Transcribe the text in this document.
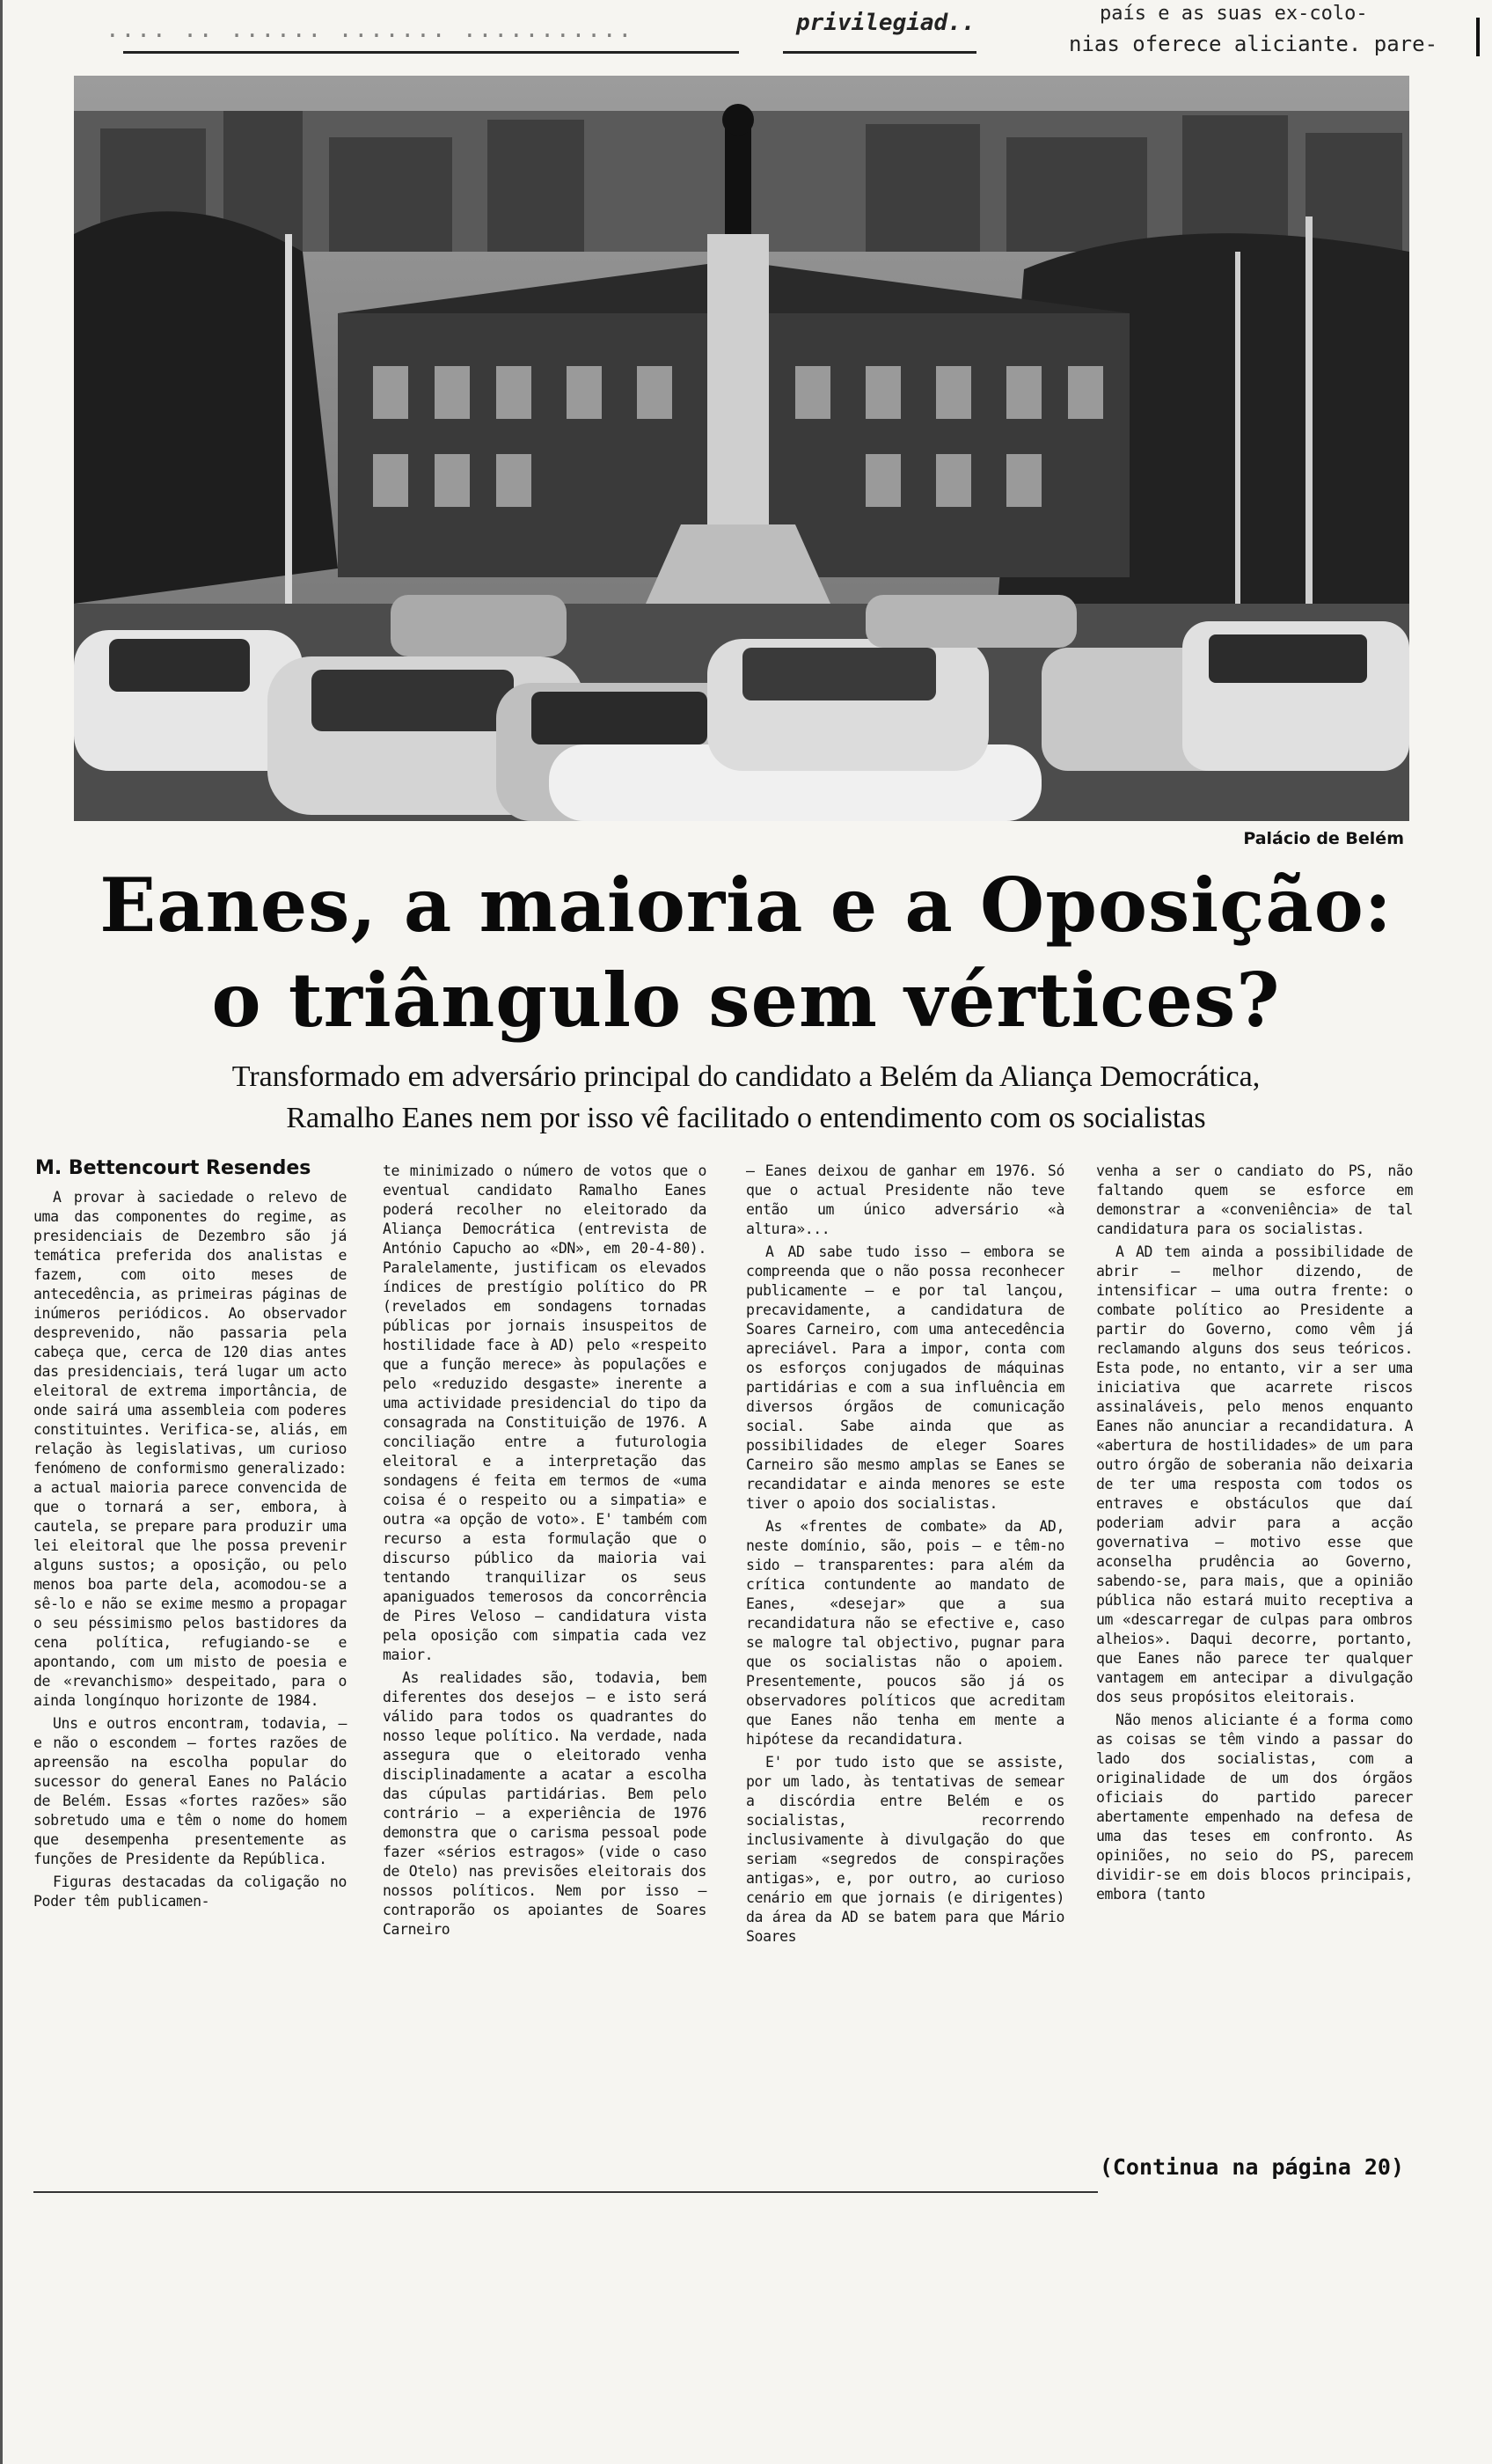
.... .. ...... ....... ...........	privilegiad..	país e as suas ex-colo-
nias oferece aliciante. pare-
Palácio de Belém
Eanes, a maioria e a Oposição:
o triângulo sem vértices?
Transformado em adversário principal do candidato a Belém da Aliança Democrática,
Ramalho Eanes nem por isso vê facilitado o entendimento com os socialistas
M. Bettencourt Resendes

A provar à saciedade o relevo de uma das componentes do regime, as presidenciais de Dezembro são já temática preferida dos analistas e fazem, com oito meses de antecedência, as primeiras páginas de inúmeros periódicos. Ao observador desprevenido, não passaria pela cabeça que, cerca de 120 dias antes das presidenciais, terá lugar um acto eleitoral de extrema importância, de onde sairá uma assembleia com poderes constituintes. Verifica-se, aliás, em relação às legislativas, um curioso fenómeno de conformismo generalizado: a actual maioria parece convencida de que o tornará a ser, embora, à cautela, se prepare para produzir uma lei eleitoral que lhe possa prevenir alguns sustos; a oposição, ou pelo menos boa parte dela, acomodou-se a sê-lo e não se exime mesmo a propagar o seu péssimismo pelos bastidores da cena política, refugiando-se e apontando, com um misto de poesia e de «revanchismo» despeitado, para o ainda longínquo horizonte de 1984.

Uns e outros encontram, todavia, — e não o escondem — fortes razões de apreensão na escolha popular do sucessor do general Eanes no Palácio de Belém. Essas «fortes razões» são sobretudo uma e têm o nome do homem que desempenha presentemente as funções de Presidente da República.

Figuras destacadas da coligação no Poder têm publicamen-

te minimizado o número de votos que o eventual candidato Ramalho Eanes poderá recolher no eleitorado da Aliança Democrática (entrevista de António Capucho ao «DN», em 20-4-80). Paralelamente, justificam os elevados índices de prestígio político do PR (revelados em sondagens tornadas públicas por jornais insuspeitos de hostilidade face à AD) pelo «respeito que a função merece» às populações e pelo «reduzido desgaste» inerente a uma actividade presidencial do tipo da consagrada na Constituição de 1976. A conciliação entre a futurologia eleitoral e a interpretação das sondagens é feita em termos de «uma coisa é o respeito ou a simpatia» e outra «a opção de voto». E' também com recurso a esta formulação que o discurso público da maioria vai tentando tranquilizar os seus apaniguados temerosos da concorrência de Pires Veloso — candidatura vista pela oposição com simpatia cada vez maior.

As realidades são, todavia, bem diferentes dos desejos — e isto será válido para todos os quadrantes do nosso leque político. Na verdade, nada assegura que o eleitorado venha disciplinadamente a acatar a escolha das cúpulas partidárias. Bem pelo contrário — a experiência de 1976 demonstra que o carisma pessoal pode fazer «sérios estragos» (vide o caso de Otelo) nas previsões eleitorais dos nossos políticos. Nem por isso — contraporão os apoiantes de Soares Carneiro

— Eanes deixou de ganhar em 1976. Só que o actual Presidente não teve então um único adversário «à altura»...

A AD sabe tudo isso — embora se compreenda que o não possa reconhecer publicamente — e por tal lançou, precavidamente, a candidatura de Soares Carneiro, com uma antecedência apreciável. Para a impor, conta com os esforços conjugados de máquinas partidárias e com a sua influência em diversos órgãos de comunicação social. Sabe ainda que as possibilidades de eleger Soares Carneiro são mesmo amplas se Eanes se recandidatar e ainda menores se este tiver o apoio dos socialistas.

As «frentes de combate» da AD, neste domínio, são, pois — e têm-no sido — transparentes: para além da crítica contundente ao mandato de Eanes, «desejar» que a sua recandidatura não se efective e, caso se malogre tal objectivo, pugnar para que os socialistas não o apoiem. Presentemente, poucos são já os observadores políticos que acreditam que Eanes não tenha em mente a hipótese da recandidatura.

E' por tudo isto que se assiste, por um lado, às tentativas de semear a discórdia entre Belém e os socialistas, recorrendo inclusivamente à divulgação do que seriam «segredos de conspirações antigas», e, por outro, ao curioso cenário em que jornais (e dirigentes) da área da AD se batem para que Mário Soares

venha a ser o candiato do PS, não faltando quem se esforce em demonstrar a «conveniência» de tal candidatura para os socialistas.

A AD tem ainda a possibilidade de abrir — melhor dizendo, de intensificar — uma outra frente: o combate político ao Presidente a partir do Governo, como vêm já reclamando alguns dos seus teóricos. Esta pode, no entanto, vir a ser uma iniciativa que acarrete riscos assinaláveis, pelo menos enquanto Eanes não anunciar a recandidatura. A «abertura de hostilidades» de um para outro órgão de soberania não deixaria de ter uma resposta com todos os entraves e obstáculos que daí poderiam advir para a acção governativa — motivo esse que aconselha prudência ao Governo, sabendo-se, para mais, que a opinião pública não estará muito receptiva a um «descarregar de culpas para ombros alheios». Daqui decorre, portanto, que Eanes não parece ter qualquer vantagem em antecipar a divulgação dos seus propósitos eleitorais.

Não menos aliciante é a forma como as coisas se têm vindo a passar do lado dos socialistas, com a originalidade de um dos órgãos oficiais do partido parecer abertamente empenhado na defesa de uma das teses em confronto. As opiniões, no seio do PS, parecem dividir-se em dois blocos principais, embora (tanto

(Continua na página 20)
